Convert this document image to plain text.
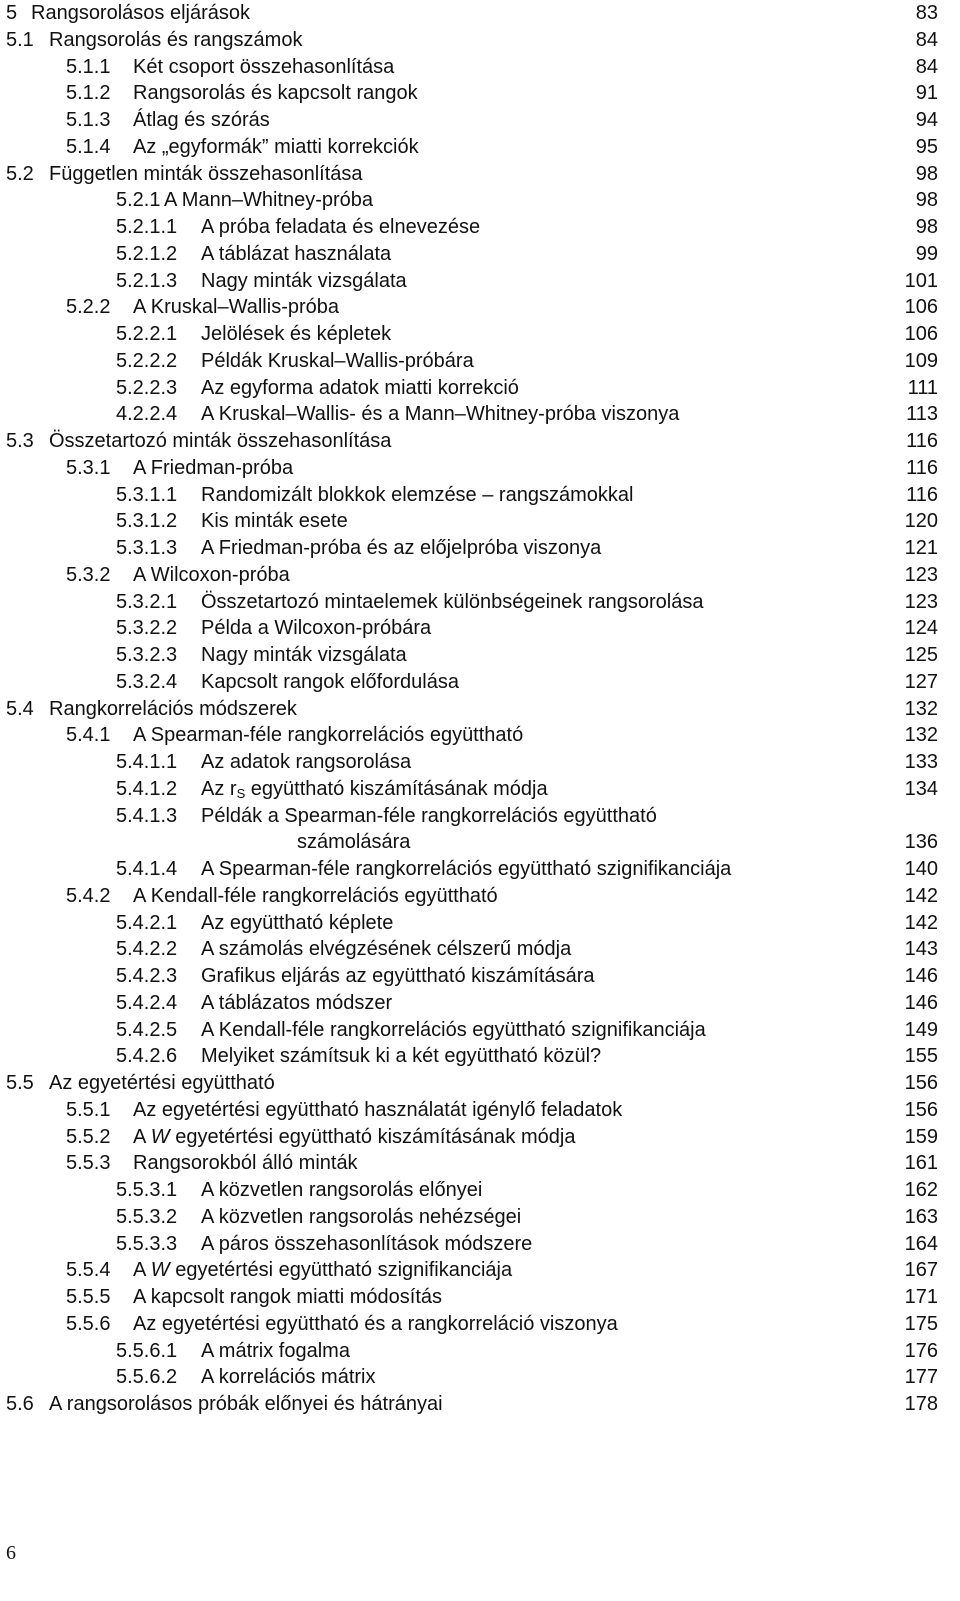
5 Rangsorolásos eljárások	83
5.1 Rangsorolás és rangszámok	84
5.1.1 Két csoport összehasonlítása	84
5.1.2 Rangsorolás és kapcsolt rangok	91
5.1.3 Átlag és szórás	94
5.1.4 Az „egyformák” miatti korrekciók	95
5.2 Független minták összehasonlítása	98
5.2.1 A Mann–Whitney-próba	98
5.2.1.1 A próba feladata és elnevezése	98
5.2.1.2 A táblázat használata	99
5.2.1.3 Nagy minták vizsgálata	101
5.2.2 A Kruskal–Wallis-próba	106
5.2.2.1 Jelölések és képletek	106
5.2.2.2 Példák Kruskal–Wallis-próbára	109
5.2.2.3 Az egyforma adatok miatti korrekció	111
4.2.2.4 A Kruskal–Wallis- és a Mann–Whitney-próba viszonya	113
5.3 Összetartozó minták összehasonlítása	116
5.3.1 A Friedman-próba	116
5.3.1.1 Randomizált blokkok elemzése – rangszámokkal	116
5.3.1.2 Kis minták esete	120
5.3.1.3 A Friedman-próba és az előjelpróba viszonya	121
5.3.2 A Wilcoxon-próba	123
5.3.2.1 Összetartozó mintaelemek különbségeinek rangsorolása	123
5.3.2.2 Példa a Wilcoxon-próbára	124
5.3.2.3 Nagy minták vizsgálata	125
5.3.2.4 Kapcsolt rangok előfordulása	127
5.4 Rangkorrelációs módszerek	132
5.4.1 A Spearman-féle rangkorrelációs együttható	132
5.4.1.1 Az adatok rangsorolása	133
5.4.1.2 Az $r_S$ együttható kiszámításának módja	134
5.4.1.3 Példák a Spearman-féle rangkorrelációs együttható
számolására	136
5.4.1.4 A Spearman-féle rangkorrelációs együttható szignifikanciája	140
5.4.2 A Kendall-féle rangkorrelációs együttható	142
5.4.2.1 Az együttható képlete	142
5.4.2.2 A számolás elvégzésének célszerű módja	143
5.4.2.3 Grafikus eljárás az együttható kiszámítására	146
5.4.2.4 A táblázatos módszer	146
5.4.2.5 A Kendall-féle rangkorrelációs együttható szignifikanciája	149
5.4.2.6 Melyiket számítsuk ki a két együttható közül?	155
5.5 Az egyetértési együttható	156
5.5.1 Az egyetértési együttható használatát igénylő feladatok	156
5.5.2 A W egyetértési együttható kiszámításának módja	159
5.5.3 Rangsorokból álló minták	161
5.5.3.1 A közvetlen rangsorolás előnyei	162
5.5.3.2 A közvetlen rangsorolás nehézségei	163
5.5.3.3 A páros összehasonlítások módszere	164
5.5.4 A W egyetértési együttható szignifikanciája	167
5.5.5 A kapcsolt rangok miatti módosítás	171
5.5.6 Az egyetértési együttható és a rangkorreláció viszonya	175
5.5.6.1 A mátrix fogalma	176
5.5.6.2 A korrelációs mátrix	177
5.6 A rangsorolásos próbák előnyei és hátrányai	178
6
